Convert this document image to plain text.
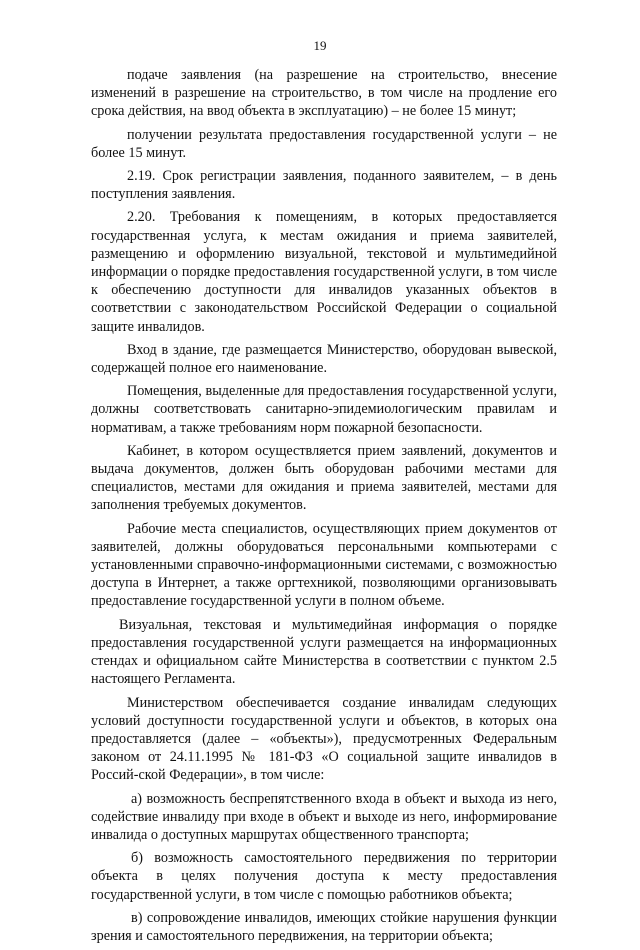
19

подаче заявления (на разрешение на строительство, внесение изменений в разрешение на строительство, в том числе на продление его срока действия, на ввод объекта в эксплуатацию) – не более 15 минут;

получении результата предоставления государственной услуги – не более 15 минут.

2.19. Срок регистрации заявления, поданного заявителем, – в день поступления заявления.

2.20. Требования к помещениям, в которых предоставляется государственная услуга, к местам ожидания и приема заявителей, размещению и оформлению визуальной, текстовой и мультимедийной информации о порядке предоставления государственной услуги, в том числе к обеспечению доступности для инвалидов указанных объектов в соответствии с законодательством Российской Федерации о социальной защите инвалидов.

Вход в здание, где размещается Министерство, оборудован вывеской, содержащей полное его наименование.

Помещения, выделенные для предоставления государственной услуги, должны соответствовать санитарно-эпидемиологическим правилам и нормативам, а также требованиям норм пожарной безопасности.

Кабинет, в котором осуществляется прием заявлений, документов и выдача документов, должен быть оборудован рабочими местами для специалистов, местами для ожидания и приема заявителей, местами для заполнения требуемых документов.

Рабочие места специалистов, осуществляющих прием документов от заявителей, должны оборудоваться персональными компьютерами с установленными справочно-информационными системами, с возможностью доступа в Интернет, а также оргтехникой, позволяющими организовывать предоставление государственной услуги в полном объеме.

Визуальная, текстовая и мультимедийная информация о порядке предоставления государственной услуги размещается на информационных стендах и официальном сайте Министерства в соответствии с пунктом 2.5 настоящего Регламента.

Министерством обеспечивается создание инвалидам следующих условий доступности государственной услуги и объектов, в которых она предоставляется (далее – «объекты»), предусмотренных Федеральным законом от 24.11.1995 № 181-ФЗ «О социальной защите инвалидов в Россий-ской Федерации», в том числе:

а) возможность беспрепятственного входа в объект и выхода из него, содействие инвалиду при входе в объект и выходе из него, информирование инвалида о доступных маршрутах общественного транспорта;

б) возможность самостоятельного передвижения по территории объекта в целях получения доступа к месту предоставления государственной услуги, в том числе с помощью работников объекта;

в) сопровождение инвалидов, имеющих стойкие нарушения функции зрения и самостоятельного передвижения, на территории объекта;
